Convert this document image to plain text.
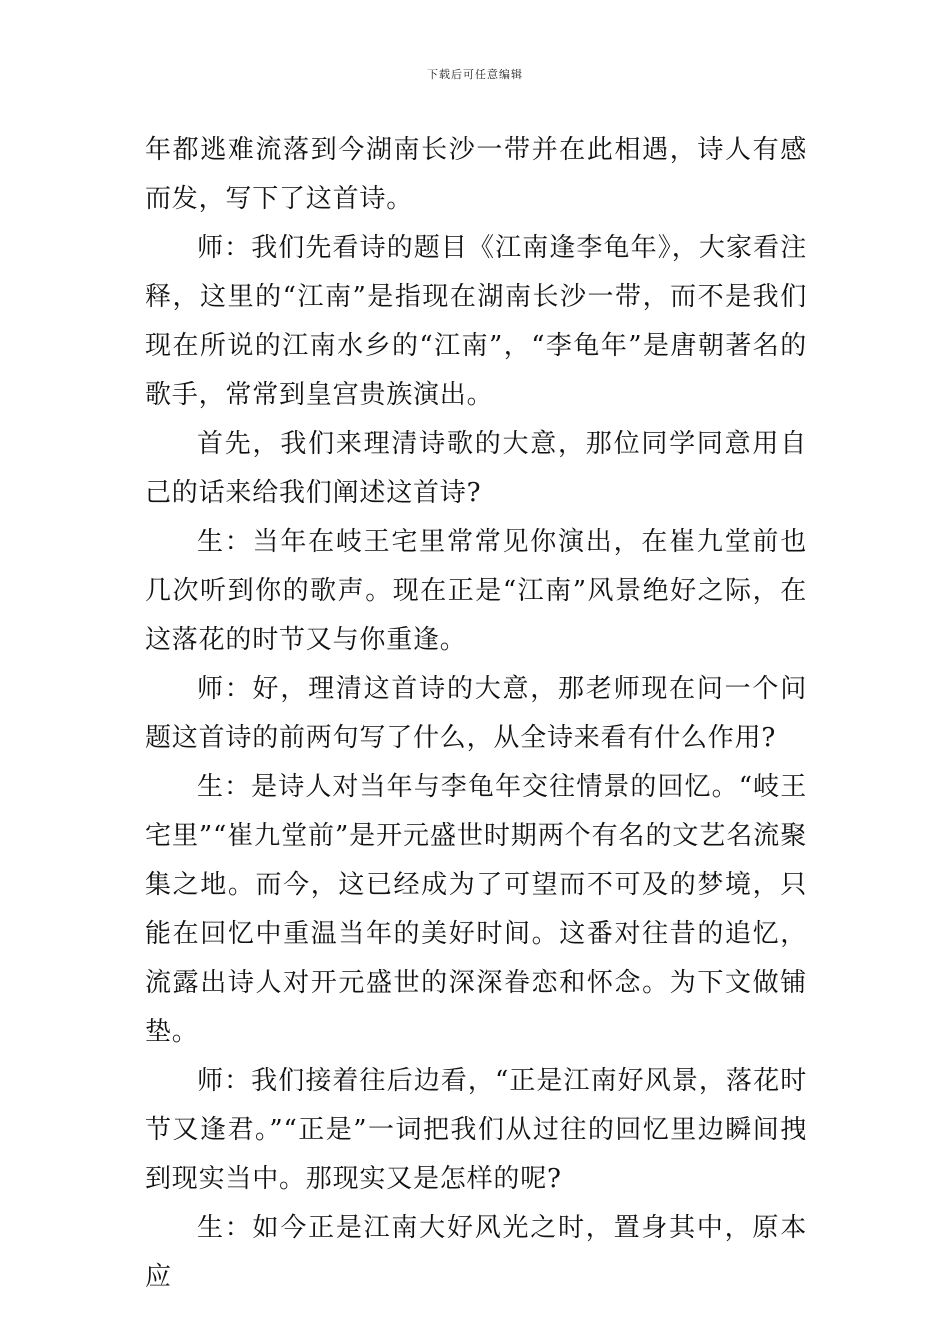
下载后可任意编辑

年都逃难流落到今湖南长沙一带并在此相遇，诗人有感而发，写下了这首诗。

师：我们先看诗的题目《江南逢李龟年》，大家看注释，这里的“江南”是指现在湖南长沙一带，而不是我们现在所说的江南水乡的“江南”，“李龟年”是唐朝著名的歌手，常常到皇宫贵族演出。

首先，我们来理清诗歌的大意，那位同学同意用自己的话来给我们阐述这首诗?

生：当年在岐王宅里常常见你演出，在崔九堂前也几次听到你的歌声。现在正是“江南”风景绝好之际，在这落花的时节又与你重逢。

师：好，理清这首诗的大意，那老师现在问一个问题这首诗的前两句写了什么，从全诗来看有什么作用?

生：是诗人对当年与李龟年交往情景的回忆。“岐王宅里”“崔九堂前”是开元盛世时期两个有名的文艺名流聚集之地。而今，这已经成为了可望而不可及的梦境，只能在回忆中重温当年的美好时间。这番对往昔的追忆，流露出诗人对开元盛世的深深眷恋和怀念。为下文做铺垫。

师：我们接着往后边看，“正是江南好风景，落花时节又逢君。”“正是”一词把我们从过往的回忆里边瞬间拽到现实当中。那现实又是怎样的呢?

生：如今正是江南大好风光之时，置身其中，原本应
